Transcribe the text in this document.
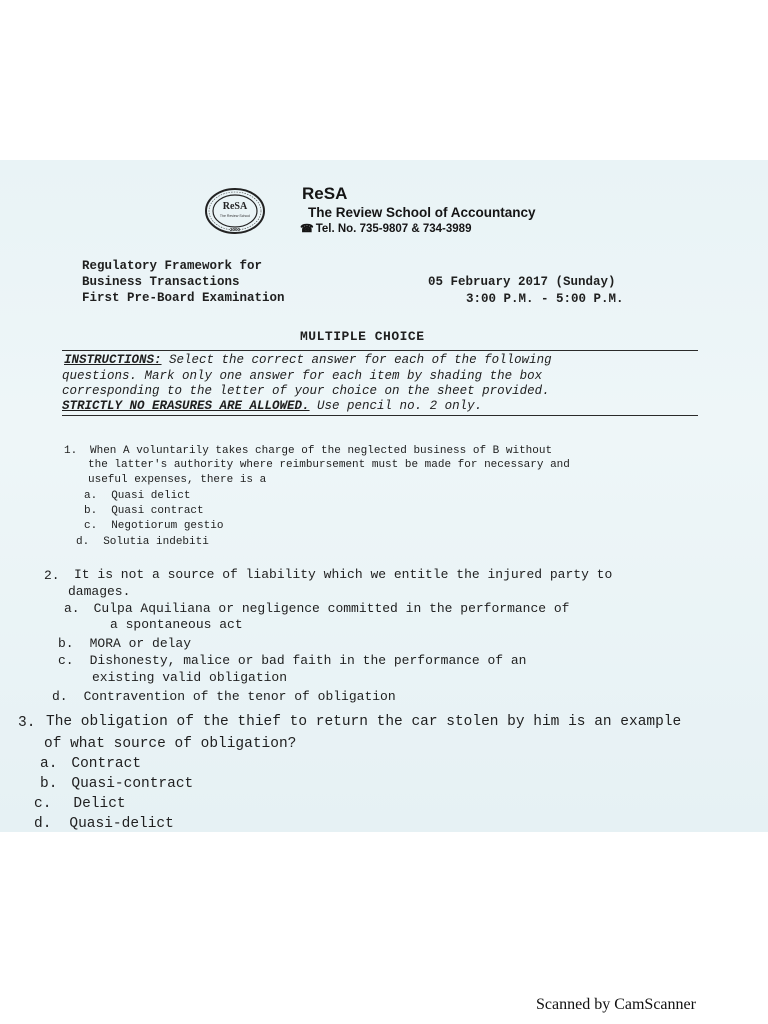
ReSA
The Review School
2000
ReSA
The Review School of Accountancy
☎ Tel. No. 735-9807 & 734-3989
Regulatory Framework for
Business Transactions
First Pre-Board Examination
05 February 2017 (Sunday)
3:00 P.M. - 5:00 P.M.
MULTIPLE CHOICE
INSTRUCTIONS: Select the correct answer for each of the following
questions. Mark only one answer for each item by shading the box
corresponding to the letter of your choice on the sheet provided.
STRICTLY NO ERASURES ARE ALLOWED. Use pencil no. 2 only.
1. When A voluntarily takes charge of the neglected business of B without
the latter's authority where reimbursement must be made for necessary and
useful expenses, there is a
a. Quasi delict
b. Quasi contract
c. Negotiorum gestio
d. Solutia indebiti
2. It is not a source of liability which we entitle the injured party to
damages.
a. Culpa Aquiliana or negligence committed in the performance of
a spontaneous act
b. MORA or delay
c. Dishonesty, malice or bad faith in the performance of an
existing valid obligation
d. Contravention of the tenor of obligation
3. The obligation of the thief to return the car stolen by him is an example
of what source of obligation?
a. Contract
b. Quasi-contract
c. Delict
d. Quasi-delict
Scanned by CamScanner
